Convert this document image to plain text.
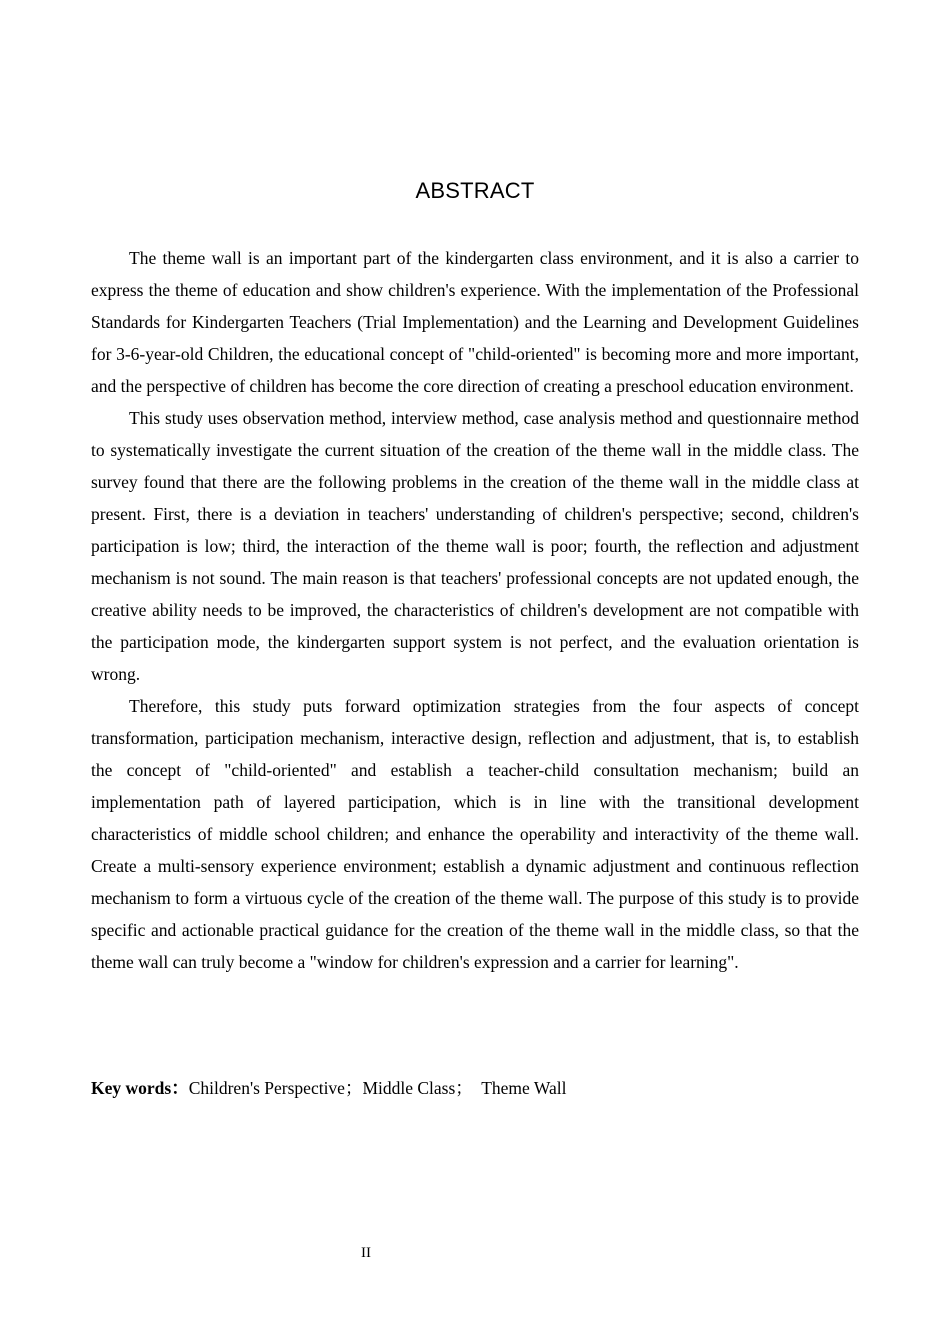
ABSTRACT

The theme wall is an important part of the kindergarten class environment, and it is also a carrier to express the theme of education and show children's experience. With the implementation of the Professional Standards for Kindergarten Teachers (Trial Implementation) and the Learning and Development Guidelines for 3-6-year-old Children, the educational concept of "child-oriented" is becoming more and more important, and the perspective of children has become the core direction of creating a preschool education environment.

This study uses observation method, interview method, case analysis method and questionnaire method to systematically investigate the current situation of the creation of the theme wall in the middle class. The survey found that there are the following problems in the creation of the theme wall in the middle class at present. First, there is a deviation in teachers' understanding of children's perspective; second, children's participation is low; third, the interaction of the theme wall is poor; fourth, the reflection and adjustment mechanism is not sound. The main reason is that teachers' professional concepts are not updated enough, the creative ability needs to be improved, the characteristics of children's development are not compatible with the participation mode, the kindergarten support system is not perfect, and the evaluation orientation is wrong.

Therefore, this study puts forward optimization strategies from the four aspects of concept transformation, participation mechanism, interactive design, reflection and adjustment, that is, to establish the concept of "child-oriented" and establish a teacher-child consultation mechanism; build an implementation path of layered participation, which is in line with the transitional development characteristics of middle school children; and enhance the operability and interactivity of the theme wall. Create a multi-sensory experience environment; establish a dynamic adjustment and continuous reflection mechanism to form a virtuous cycle of the creation of the theme wall. The purpose of this study is to provide specific and actionable practical guidance for the creation of the theme wall in the middle class, so that the theme wall can truly become a "window for children's expression and a carrier for learning".

Key words：Children's Perspective；Middle Class；  Theme Wall
II
